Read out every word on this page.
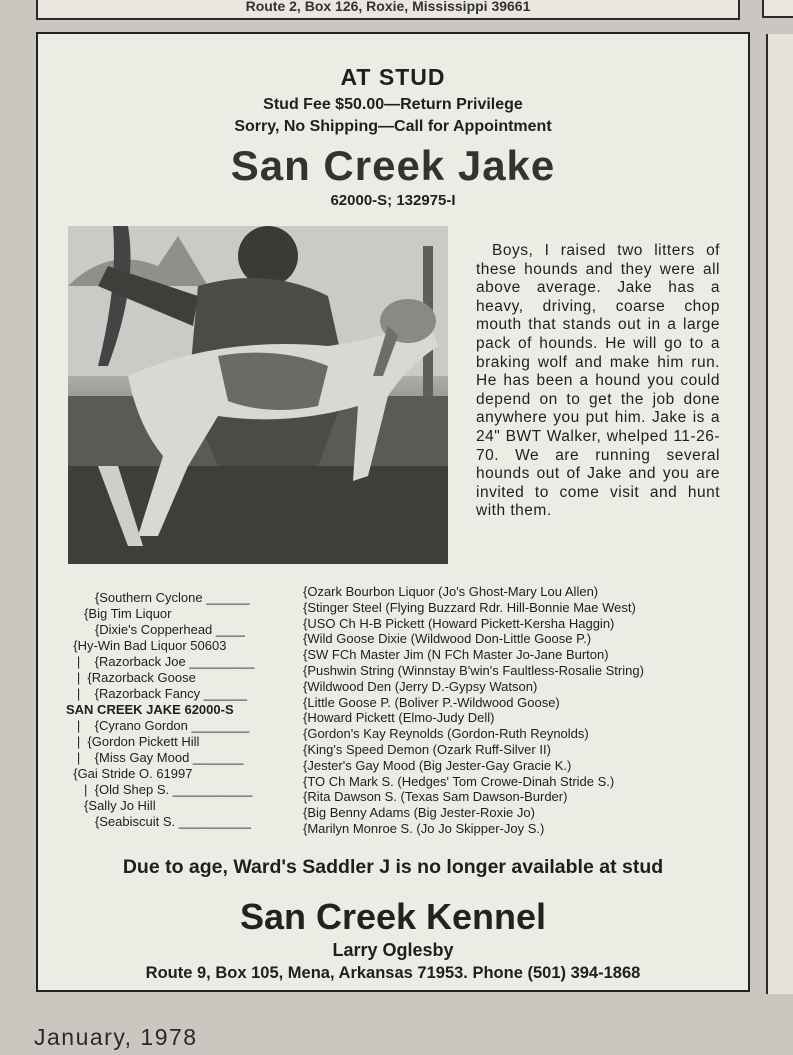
Route 2, Box 126, Roxie, Mississippi 39661
AT STUD
Stud Fee $50.00—Return Privilege
Sorry, No Shipping—Call for Appointment
San Creek Jake
62000-S; 132975-I

Boys, I raised two litters of these hounds and they were all above average. Jake has a heavy, driving, coarse chop mouth that stands out in a large pack of hounds. He will go to a braking wolf and make him run. He has been a hound you could depend on to get the job done anywhere you put him. Jake is a 24" BWT Walker, whelped 11-26-70. We are running several hounds out of Jake and you are invited to come visit and hunt with them.

{Southern Cyclone ______
{Big Tim Liquor
{Dixie's Copperhead ____
{Hy-Win Bad Liquor 50603
|    {Razorback Joe _________
|  {Razorback Goose
|    {Razorback Fancy ______
SAN CREEK JAKE 62000-S
|    {Cyrano Gordon ________
|  {Gordon Pickett Hill
|    {Miss Gay Mood _______
{Gai Stride O. 61997
|  {Old Shep S. ___________
{Sally Jo Hill
{Seabiscuit S. __________
{Ozark Bourbon Liquor (Jo's Ghost-Mary Lou Allen)
{Stinger Steel (Flying Buzzard Rdr. Hill-Bonnie Mae West)
{USO Ch H-B Pickett (Howard Pickett-Kersha Haggin)
{Wild Goose Dixie (Wildwood Don-Little Goose P.)
{SW FCh Master Jim (N FCh Master Jo-Jane Burton)
{Pushwin String (Winnstay B'win's Faultless-Rosalie String)
{Wildwood Den (Jerry D.-Gypsy Watson)
{Little Goose P. (Boliver P.-Wildwood Goose)
{Howard Pickett (Elmo-Judy Dell)
{Gordon's Kay Reynolds (Gordon-Ruth Reynolds)
{King's Speed Demon (Ozark Ruff-Silver II)
{Jester's Gay Mood (Big Jester-Gay Gracie K.)
{TO Ch Mark S. (Hedges' Tom Crowe-Dinah Stride S.)
{Rita Dawson S. (Texas Sam Dawson-Burder)
{Big Benny Adams (Big Jester-Roxie Jo)
{Marilyn Monroe S. (Jo Jo Skipper-Joy S.)
Due to age, Ward's Saddler J is no longer available at stud
San Creek Kennel
Larry Oglesby
Route 9, Box 105, Mena, Arkansas 71953. Phone (501) 394-1868
January, 1978
